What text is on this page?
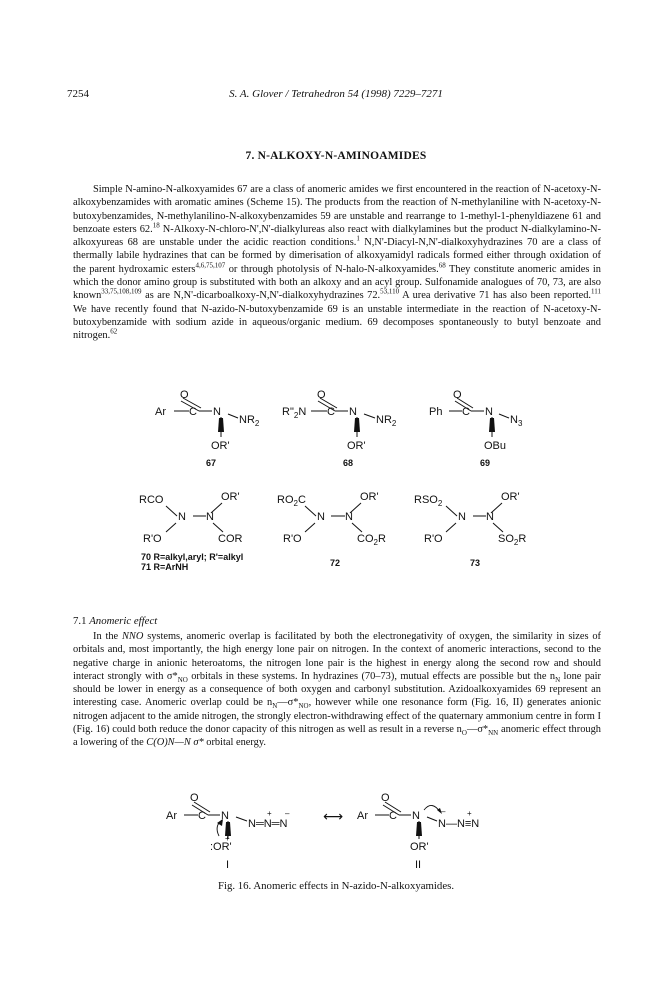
7254	S. A. Glover / Tetrahedron 54 (1998) 7229–7271
7. N-ALKOXY-N-AMINOAMIDES
Simple N-amino-N-alkoxyamides 67 are a class of anomeric amides we first encountered in the reaction of N-acetoxy-N-alkoxybenzamides with aromatic amines (Scheme 15). The products from the reaction of N-methylaniline with N-acetoxy-N-butoxybenzamides, N-methylanilino-N-alkoxybenzamides 59 are unstable and rearrange to 1-methyl-1-phenyldiazene 61 and benzoate esters 62.18 N-Alkoxy-N-chloro-N',N'-dialkylureas also react with dialkylamines but the product N-dialkylamino-N-alkoxyureas 68 are unstable under the acidic reaction conditions.$^1$ N,N'-Diacyl-N,N'-dialkoxyhydrazines 70 are a class of thermally labile hydrazines that can be formed by dimerisation of alkoxyamidyl radicals formed either through oxidation of the parent hydroxamic esters$^{4,6,75,107}$ or through photolysis of N-halo-N-alkoxyamides.$^{68}$ They constitute anomeric amides in which the donor amino group is substituted with both an alkoxy and an acyl group. Sulfonamide analogues of 70, 73, are also known$^{33,75,108,109}$ as are N,N'-dicarboalkoxy-N,N'-dialkoxyhydrazines 72.$^{53,110}$ A urea derivative 71 has also been reported.$^{111}$ We have recently found that N-azido-N-butoxybenzamide 69 is an unstable intermediate in the reaction of N-acetoxy-N-butoxybenzamide with sodium azide in aqueous/organic medium. 69 decomposes spontaneously to butyl benzoate and nitrogen.$^{62}$
Ar C
O
N
$NR_2$
OR'
67
$R"_2N$ C
O
N
$NR_2$
OR'
68
Ph C
O
N
$N_3$
OBu
69
RCO	OR'
N N
R'O	COR
70 R=alkyl,aryl; R'=alkyl
71 R=ArNH
$RO_2C$	OR'
N N
R'O	$CO_2R$
72
$RSO_2$
OR'
N N
R'O	$SO_2R$
73
Ar C
O
N
N═N═N
+ –
:OR'
+
I
⟷ Ar C
O
N
N—N≡N
–	+
OR'
II
7.1 Anomeric effect
In the NNO systems, anomeric overlap is facilitated by both the electronegativity of oxygen, the similarity in sizes of orbitals and, most importantly, the high energy lone pair on nitrogen. In the context of anomeric interactions, second to the negative charge in anionic heteroatoms, the nitrogen lone pair is the highest in energy along the second row and should interact strongly with $\sigma*_{NO}$ orbitals in these systems. In hydrazines (70–73), mutual effects are possible but the $n_N$ lone pair should be lower in energy as a consequence of both oxygen and carbonyl substitution. Azidoalkoxyamides 69 represent an interesting case. Anomeric overlap could be $n_N—\sigma*_{NO}$, however while one resonance form (Fig. 16, II) generates anionic nitrogen adjacent to the amide nitrogen, the strongly electron-withdrawing effect of the quaternary ammonium centre in form I (Fig. 16) could both reduce the donor capacity of this nitrogen as well as result in a reverse $n_O—\sigma*_{NN}$ anomeric effect through a lowering of the C(O)N—N σ* orbital energy.
Fig. 16. Anomeric effects in N-azido-N-alkoxyamides.
